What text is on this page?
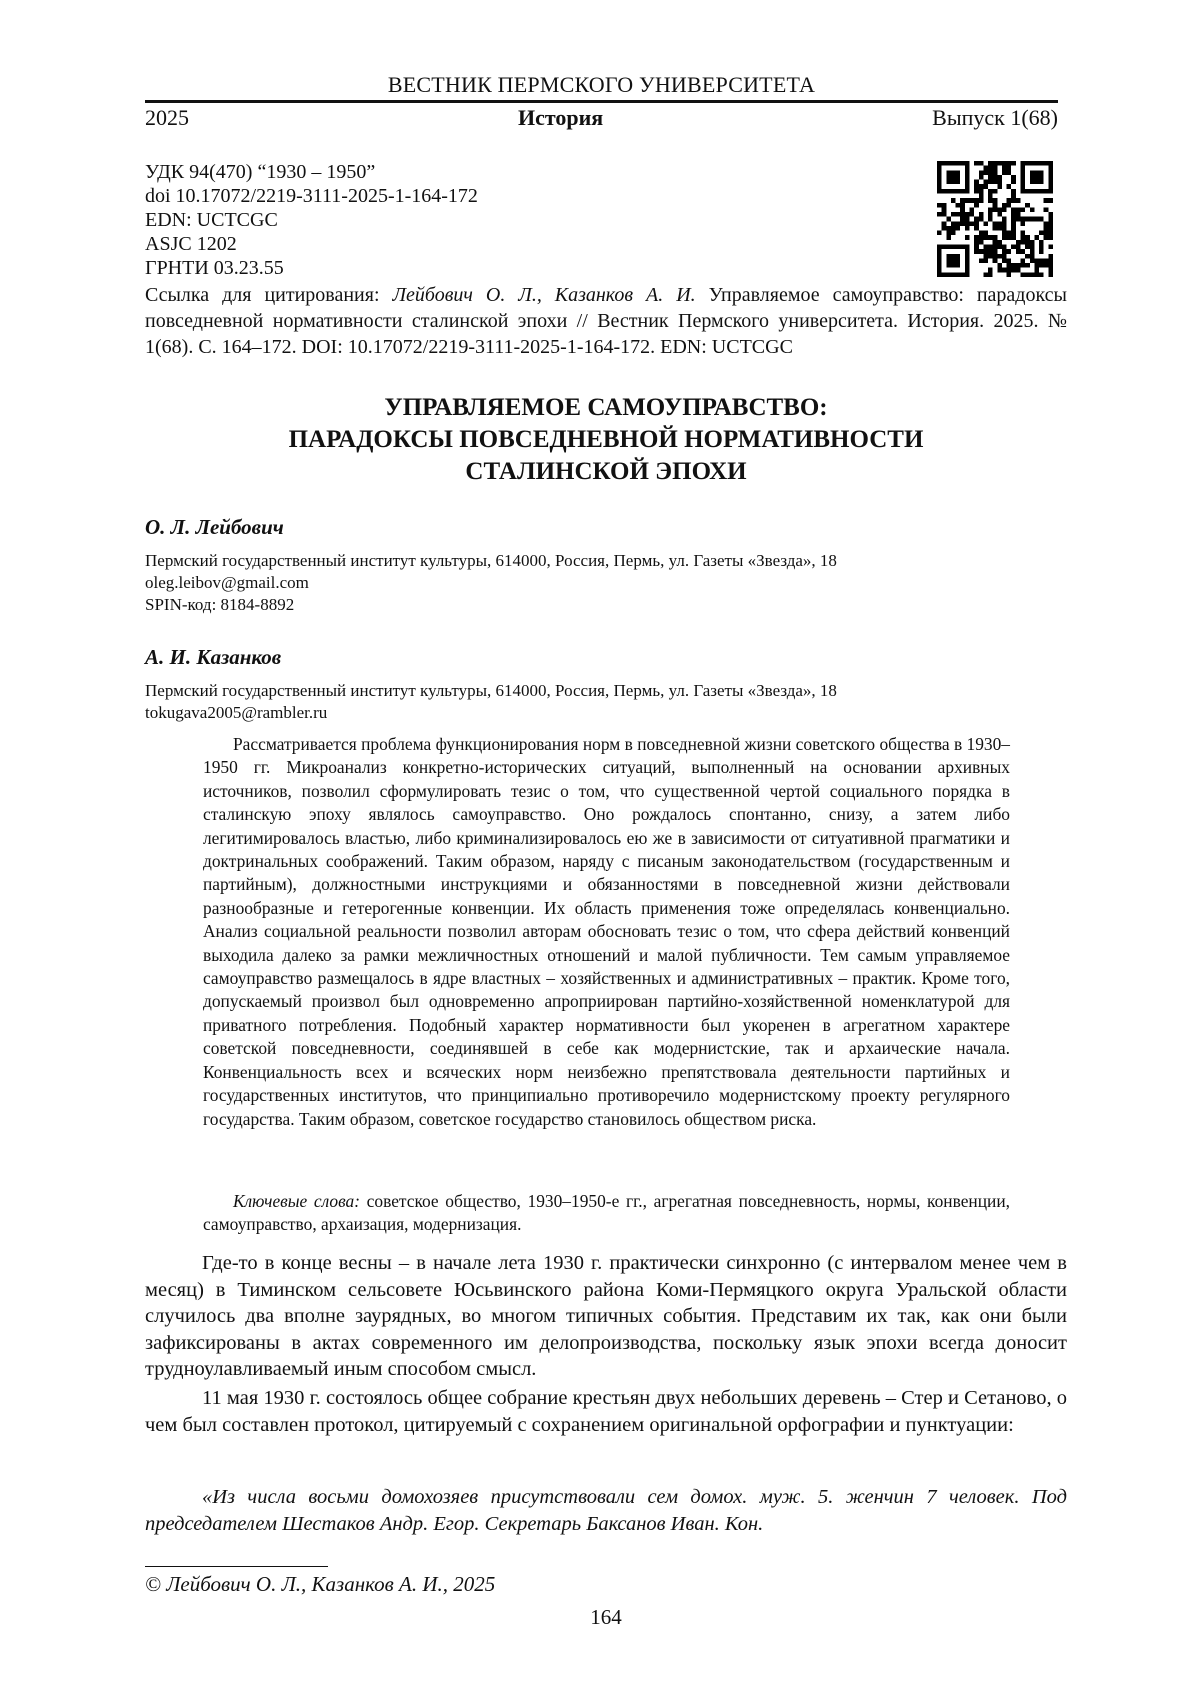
ВЕСТНИК ПЕРМСКОГО УНИВЕРСИТЕТА
2025	История	Выпуск 1(68)
УДК 94(470) “1930 – 1950”
doi 10.17072/2219-3111-2025-1-164-172
EDN: UCTCGC
ASJC 1202
ГРНТИ 03.23.55
Ссылка для цитирования: Лейбович О. Л., Казанков А. И. Управляемое самоуправство: парадоксы повседневной нормативности сталинской эпохи // Вестник Пермского университета. История. 2025. № 1(68). С. 164–172. DOI: 10.17072/2219-3111-2025-1-164-172. EDN: UCTCGC
УПРАВЛЯЕМОЕ САМОУПРАВСТВО:
ПАРАДОКСЫ ПОВСЕДНЕВНОЙ НОРМАТИВНОСТИ
СТАЛИНСКОЙ ЭПОХИ
О. Л. Лейбович
Пермский государственный институт культуры, 614000, Россия, Пермь, ул. Газеты «Звезда», 18
oleg.leibov@gmail.com
SPIN-код: 8184-8892
А. И. Казанков
Пермский государственный институт культуры, 614000, Россия, Пермь, ул. Газеты «Звезда», 18
tokugava2005@rambler.ru

Рассматривается проблема функционирования норм в повседневной жизни советского общества в 1930–1950 гг. Микроанализ конкретно-исторических ситуаций, выполненный на основании архивных источников, позволил сформулировать тезис о том, что существенной чертой социального порядка в сталинскую эпоху являлось самоуправство. Оно рождалось спонтанно, снизу, а затем либо легитимировалось властью, либо криминализировалось ею же в зависимости от ситуативной прагматики и доктринальных соображений. Таким образом, наряду с писаным законодательством (государственным и партийным), должностными инструкциями и обязанностями в повседневной жизни действовали разнообразные и гетерогенные конвенции. Их область применения тоже определялась конвенциально. Анализ социальной реальности позволил авторам обосновать тезис о том, что сфера действий конвенций выходила далеко за рамки межличностных отношений и малой публичности. Тем самым управляемое самоуправство размещалось в ядре властных – хозяйственных и административных – практик. Кроме того, допускаемый произвол был одновременно апроприирован партийно-хозяйственной номенклатурой для приватного потребления. Подобный характер нормативности был укоренен в агрегатном характере советской повседневности, соединявшей в себе как модернистские, так и архаические начала. Конвенциальность всех и всяческих норм неизбежно препятствовала деятельности партийных и государственных институтов, что принципиально противоречило модернистскому проекту регулярного государства. Таким образом, советское государство становилось обществом риска.

Ключевые слова: советское общество, 1930–1950-е гг., агрегатная повседневность, нормы, конвенции, самоуправство, архаизация, модернизация.

Где-то в конце весны – в начале лета 1930 г. практически синхронно (с интервалом менее чем в месяц) в Тиминском сельсовете Юсьвинского района Коми-Пермяцкого округа Уральской области случилось два вполне заурядных, во многом типичных события. Представим их так, как они были зафиксированы в актах современного им делопроизводства, поскольку язык эпохи всегда доносит трудноулавливаемый иным способом смысл.

11 мая 1930 г. состоялось общее собрание крестьян двух небольших деревень – Стер и Сетаново, о чем был составлен протокол, цитируемый с сохранением оригинальной орфографии и пунктуации:

«Из числа восьми домохозяев присутствовали сем домох. муж. 5. женчин 7 человек. Под председателем Шестаков Андр. Егор. Секретарь Баксанов Иван. Кон.

© Лейбович О. Л., Казанков А. И., 2025
164
